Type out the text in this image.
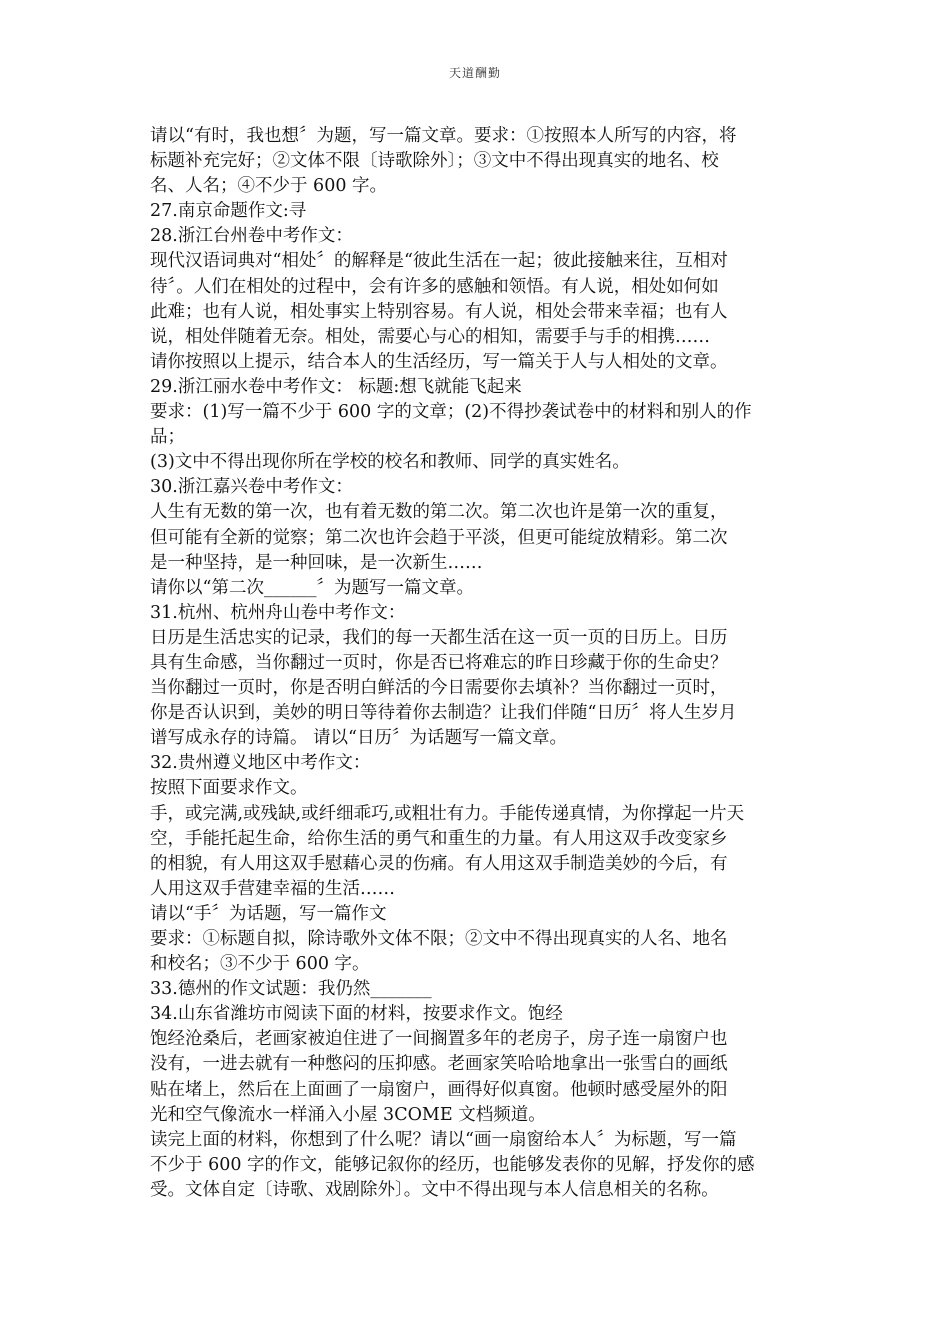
天道酬勤
请以“有时，我也想〞为题，写一篇文章。要求：①按照本人所写的内容，将
标题补充完好；②文体不限〔诗歌除外〕；③文中不得出现真实的地名、校
名、人名；④不少于 600 字。
27.南京命题作文:寻
28.浙江台州卷中考作文：
现代汉语词典对“相处〞的解释是“彼此生活在一起；彼此接触来往，互相对
待〞。人们在相处的过程中，会有许多的感触和领悟。有人说，相处如何如
此难；也有人说，相处事实上特别容易。有人说，相处会带来幸福；也有人
说，相处伴随着无奈。相处，需要心与心的相知，需要手与手的相携……
请你按照以上提示，结合本人的生活经历，写一篇关于人与人相处的文章。
29.浙江丽水卷中考作文： 标题:想飞就能飞起来
要求：(1)写一篇不少于 600 字的文章；(2)不得抄袭试卷中的材料和别人的作
品；
(3)文中不得出现你所在学校的校名和教师、同学的真实姓名。
30.浙江嘉兴卷中考作文：
人生有无数的第一次，也有着无数的第二次。第二次也许是第一次的重复，
但可能有全新的觉察；第二次也许会趋于平淡，但更可能绽放精彩。第二次
是一种坚持，是一种回味，是一次新生……
请你以“第二次______〞为题写一篇文章。
31.杭州、杭州舟山卷中考作文：
日历是生活忠实的记录，我们的每一天都生活在这一页一页的日历上。日历
具有生命感，当你翻过一页时，你是否已将难忘的昨日珍藏于你的生命史？
当你翻过一页时，你是否明白鲜活的今日需要你去填补？当你翻过一页时，
你是否认识到，美妙的明日等待着你去制造？让我们伴随“日历〞将人生岁月
谱写成永存的诗篇。 请以“日历〞为话题写一篇文章。
32.贵州遵义地区中考作文：
按照下面要求作文。
手，或完满,或残缺,或纤细乖巧,或粗壮有力。手能传递真情，为你撑起一片天
空，手能托起生命，给你生活的勇气和重生的力量。有人用这双手改变家乡
的相貌，有人用这双手慰藉心灵的伤痛。有人用这双手制造美妙的今后，有
人用这双手营建幸福的生活……
请以“手〞为话题，写一篇作文
要求：①标题自拟，除诗歌外文体不限；②文中不得出现真实的人名、地名
和校名；③不少于 600 字。
33.德州的作文试题：我仍然_______
34.山东省潍坊市阅读下面的材料，按要求作文。饱经
饱经沧桑后，老画家被迫住进了一间搁置多年的老房子，房子连一扇窗户也
没有，一进去就有一种憋闷的压抑感。老画家笑哈哈地拿出一张雪白的画纸
贴在堵上，然后在上面画了一扇窗户，画得好似真窗。他顿时感受屋外的阳
光和空气像流水一样涌入小屋 3COME 文档频道。
读完上面的材料，你想到了什么呢？请以“画一扇窗给本人〞为标题，写一篇
不少于 600 字的作文，能够记叙你的经历，也能够发表你的见解，抒发你的感
受。文体自定〔诗歌、戏剧除外〕。文中不得出现与本人信息相关的名称。
